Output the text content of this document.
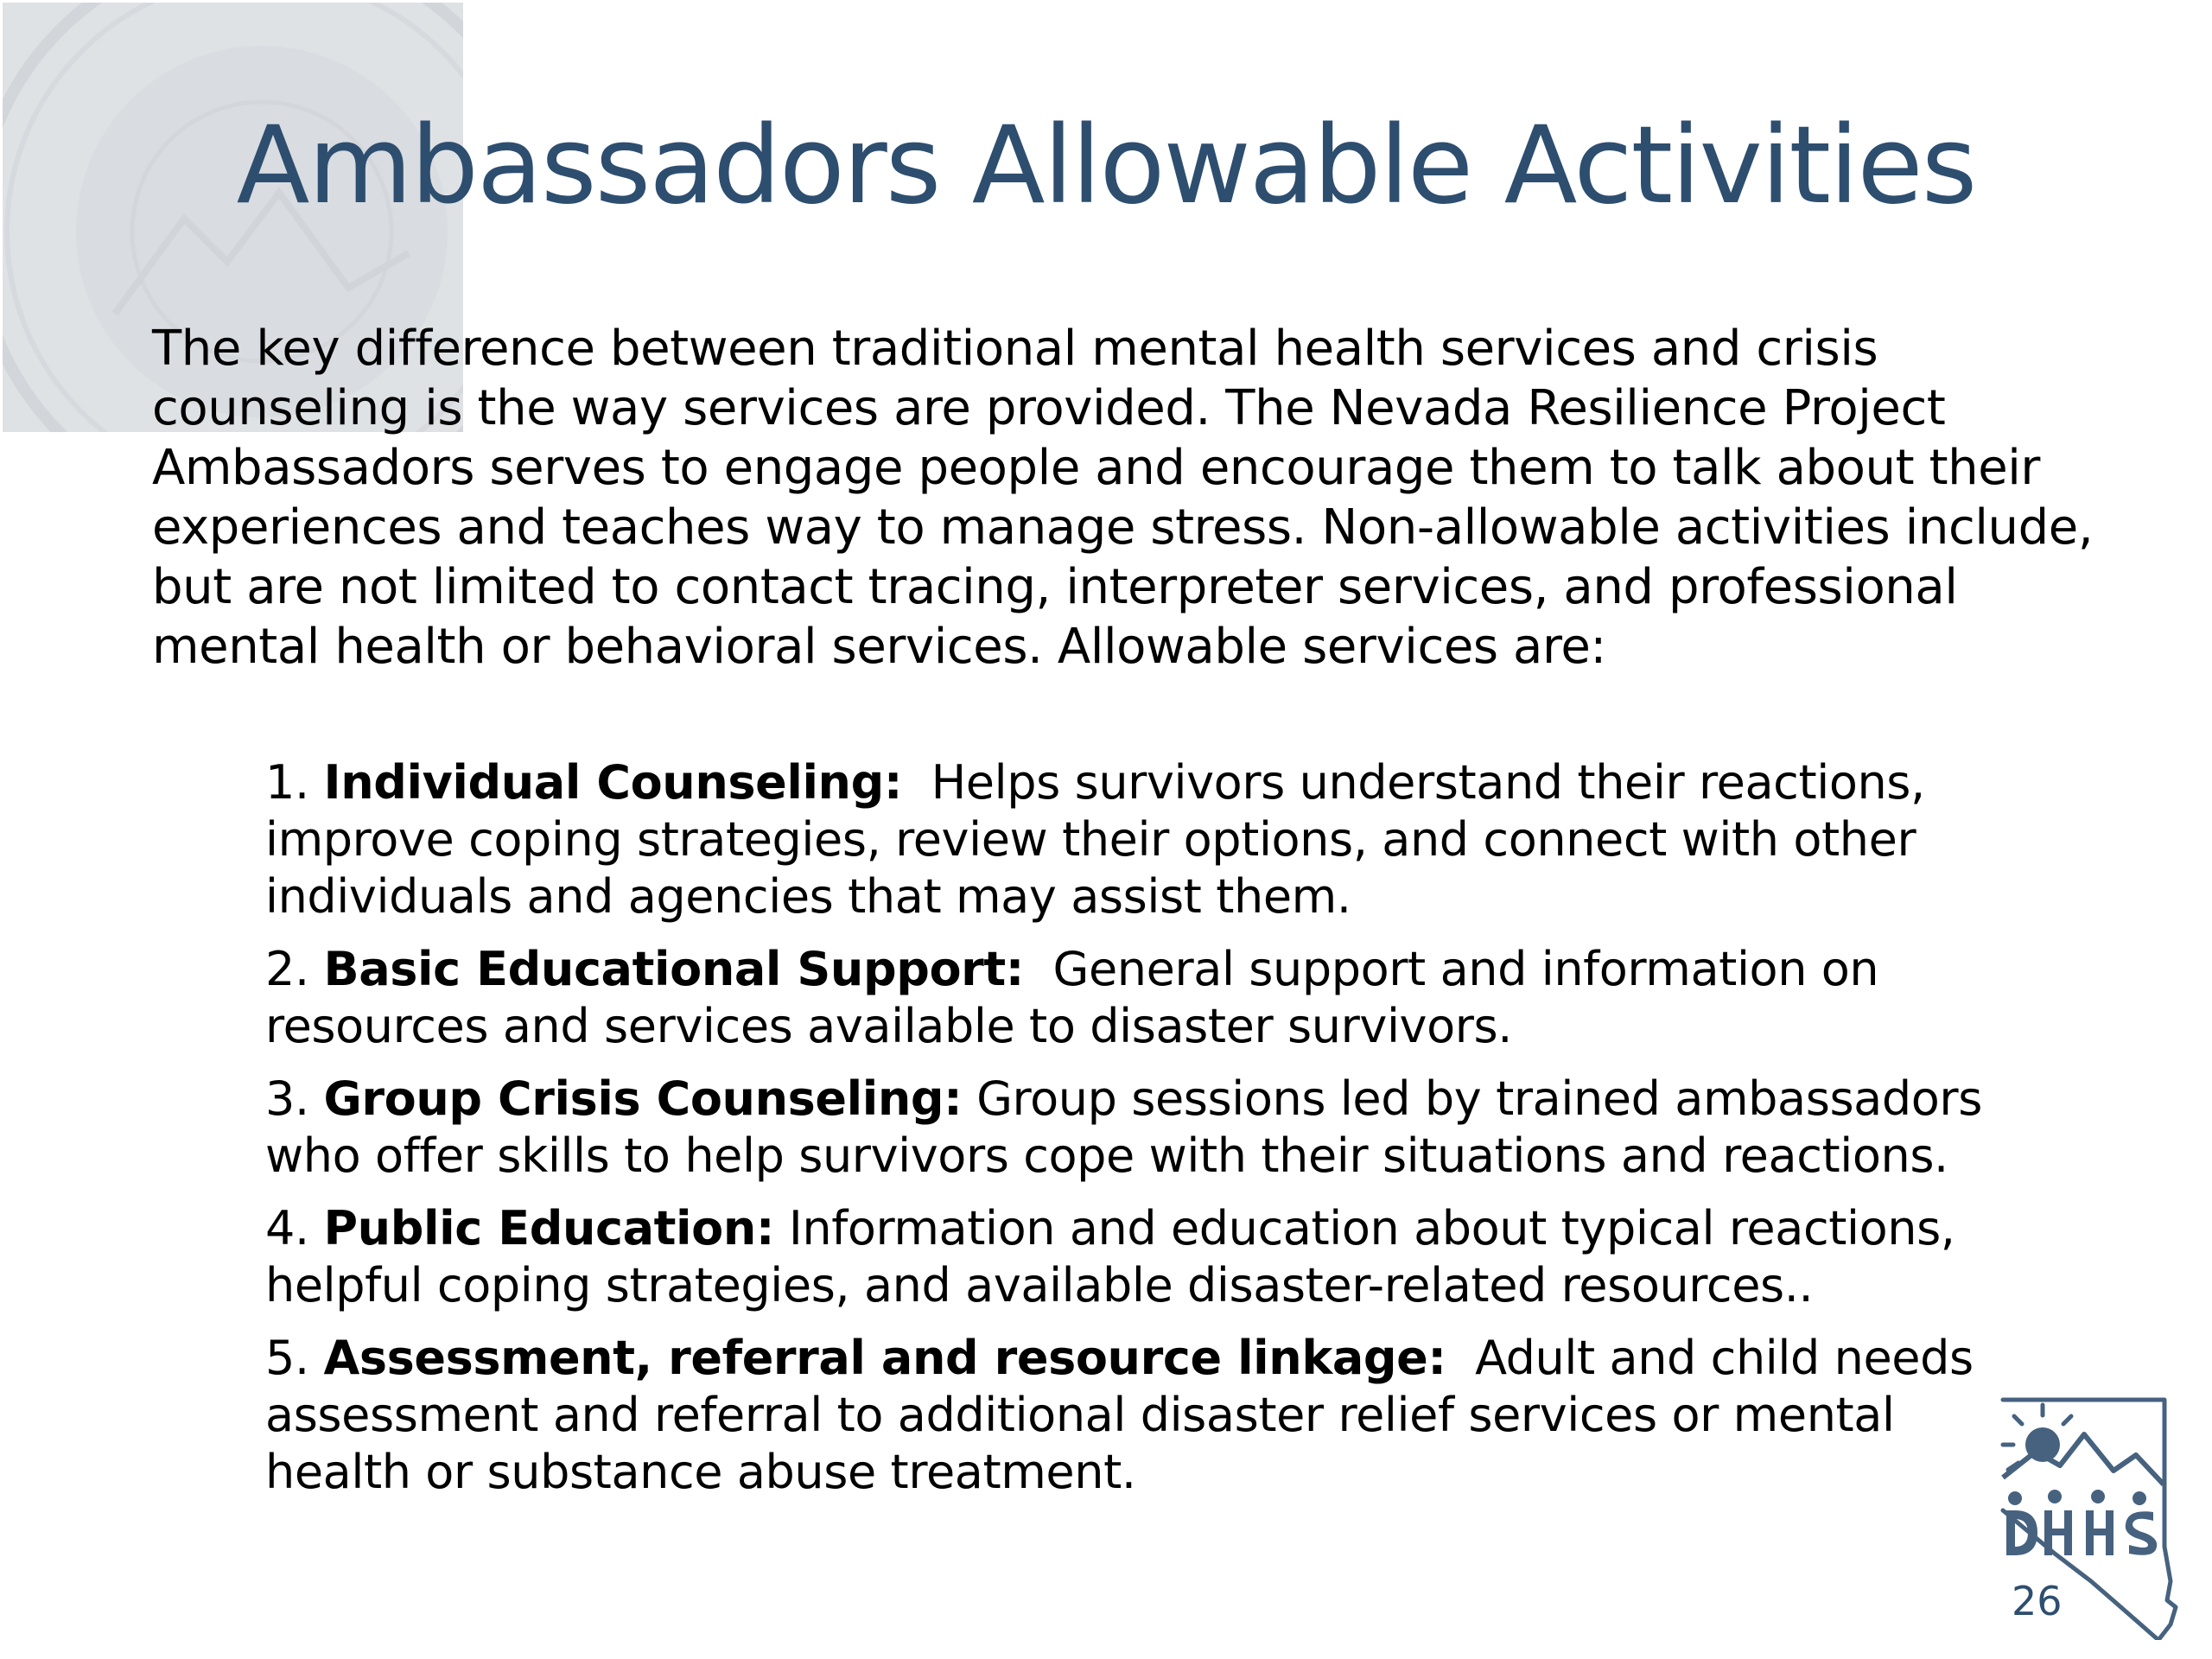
Ambassadors Allowable Activities

The key difference between traditional mental health services and crisis counseling is the way services are provided. The Nevada Resilience Project Ambassadors serves to engage people and encourage them to talk about their experiences and teaches way to manage stress. Non-allowable activities include, but are not limited to contact tracing, interpreter services, and professional mental health or behavioral services. Allowable services are:

1. Individual Counseling: Helps survivors understand their reactions, improve coping strategies, review their options, and connect with other individuals and agencies that may assist them.
2. Basic Educational Support: General support and information on resources and services available to disaster survivors.
3. Group Crisis Counseling: Group sessions led by trained ambassadors who offer skills to help survivors cope with their situations and reactions.
4. Public Education: Information and education about typical reactions, helpful coping strategies, and available disaster-related resources..
5. Assessment, referral and resource linkage: Adult and child needs assessment and referral to additional disaster relief services or mental health or substance abuse treatment.
26
